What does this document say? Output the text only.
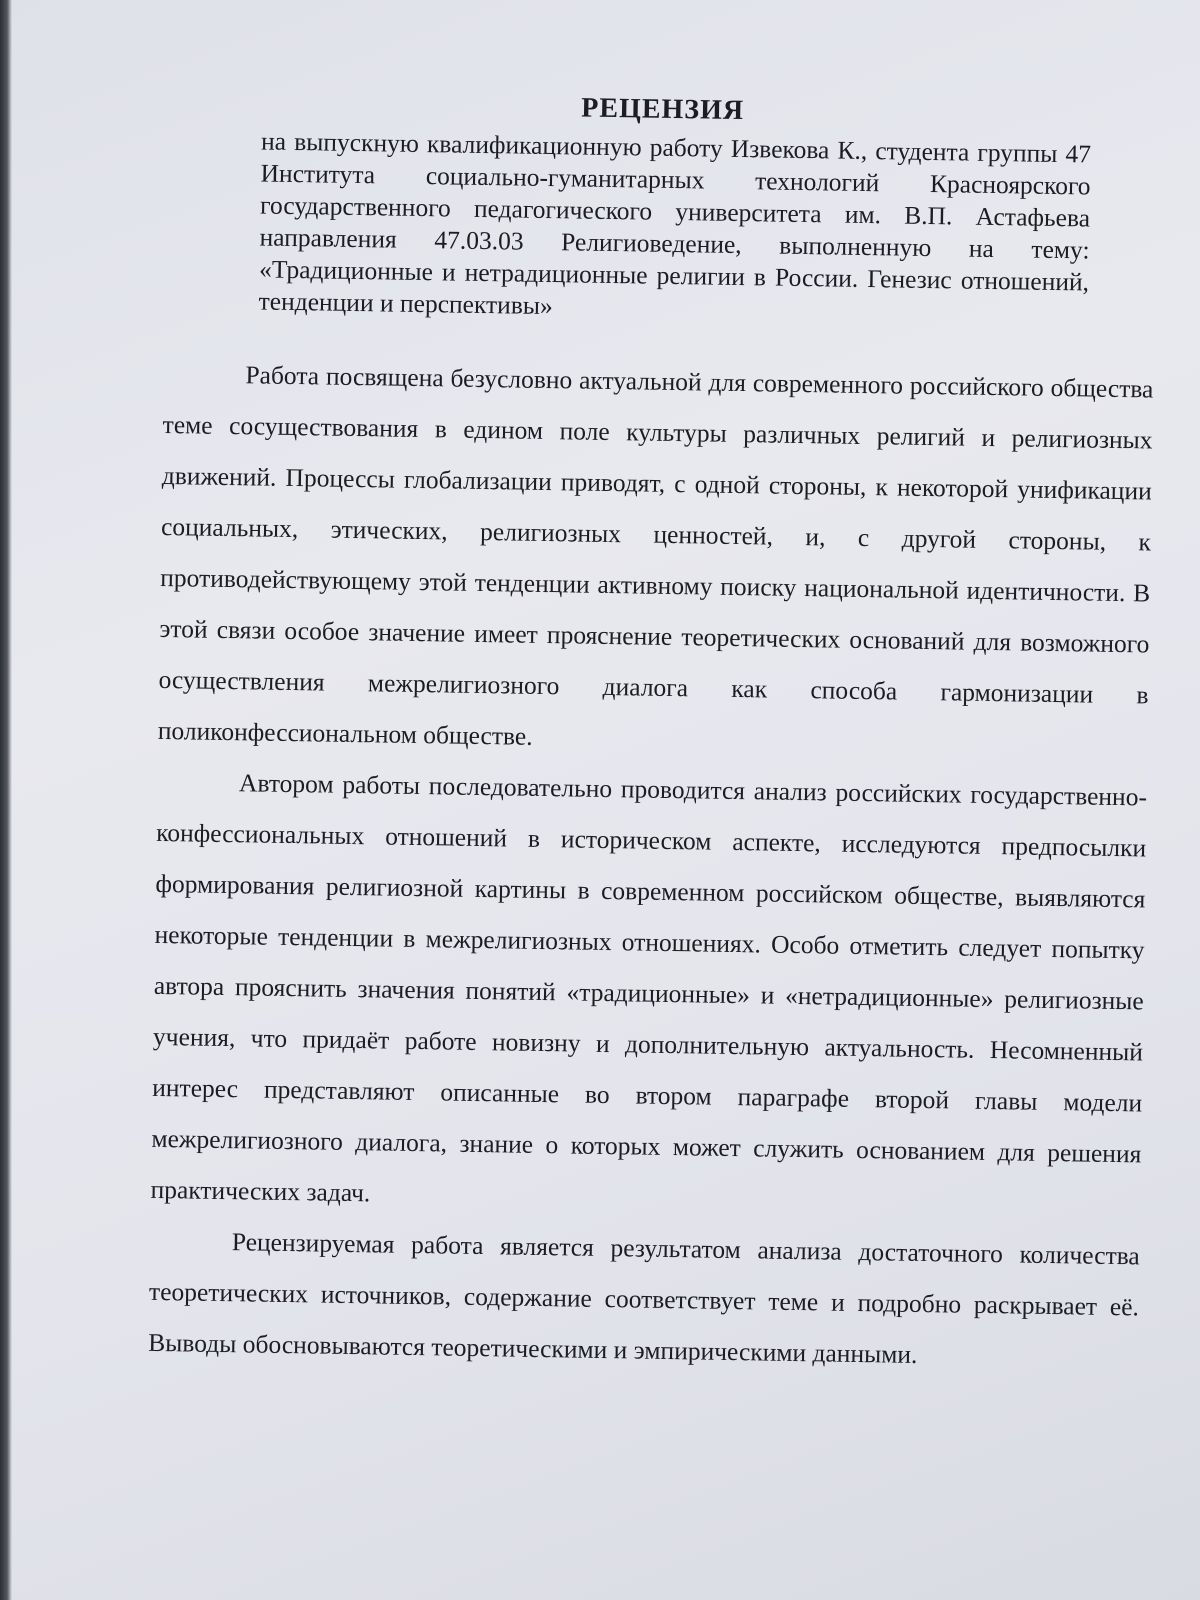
РЕЦЕНЗИЯ

на выпускную квалификационную работу Извекова К., студента группы 47 Института социально-гуманитарных технологий Красноярского государственного педагогического университета им. В.П. Астафьева направления 47.03.03 Религиоведение, выполненную на тему: «Традиционные и нетрадиционные религии в России. Генезис отношений, тенденции и перспективы»

Работа посвящена безусловно актуальной для современного российского общества теме сосуществования в едином поле культуры различных религий и религиозных движений. Процессы глобализации приводят, с одной стороны, к некоторой унификации социальных, этических, религиозных ценностей, и, с другой стороны, к противодействующему этой тенденции активному поиску национальной идентичности. В этой связи особое значение имеет прояснение теоретических оснований для возможного осуществления межрелигиозного диалога как способа гармонизации в поликонфессиональном обществе.

Автором работы последовательно проводится анализ российских государственно-конфессиональных отношений в историческом аспекте, исследуются предпосылки формирования религиозной картины в современном российском обществе, выявляются некоторые тенденции в межрелигиозных отношениях. Особо отметить следует попытку автора прояснить значения понятий «традиционные» и «нетрадиционные» религиозные учения, что придаёт работе новизну и дополнительную актуальность. Несомненный интерес представляют описанные во втором параграфе второй главы модели межрелигиозного диалога, знание о которых может служить основанием для решения практических задач.

Рецензируемая работа является результатом анализа достаточного количества теоретических источников, содержание соответствует теме и подробно раскрывает её. Выводы обосновываются теоретическими и эмпирическими данными.
